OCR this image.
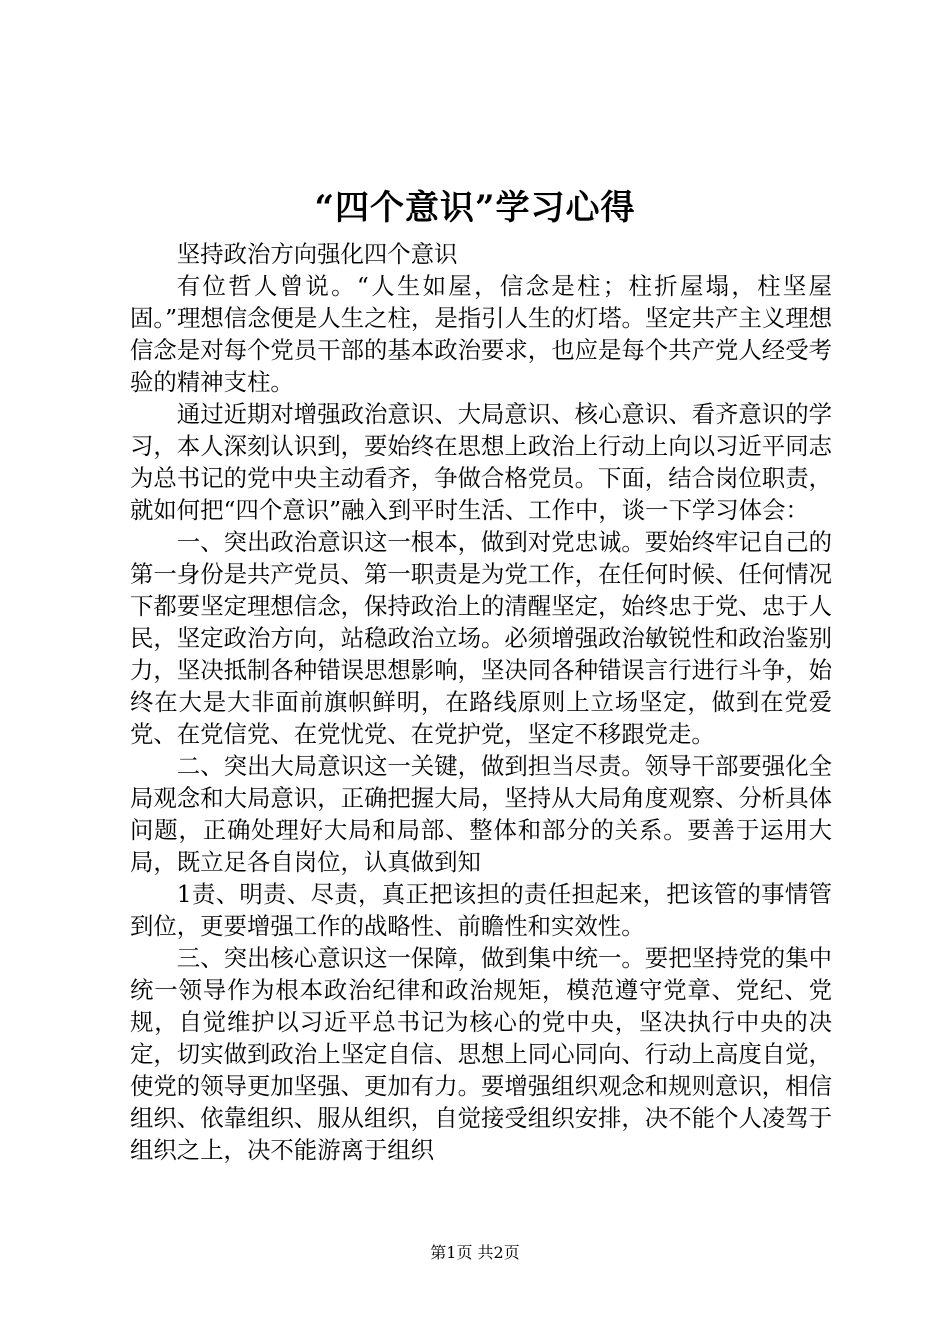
“四个意识”学习心得

坚持政治方向强化四个意识

有位哲人曾说。“人生如屋，信念是柱；柱折屋塌，柱坚屋固。”理想信念便是人生之柱，是指引人生的灯塔。坚定共产主义理想信念是对每个党员干部的基本政治要求，也应是每个共产党人经受考验的精神支柱。

通过近期对增强政治意识、大局意识、核心意识、看齐意识的学习，本人深刻认识到，要始终在思想上政治上行动上向以习近平同志为总书记的党中央主动看齐，争做合格党员。下面，结合岗位职责，就如何把“四个意识”融入到平时生活、工作中，谈一下学习体会：

一、突出政治意识这一根本，做到对党忠诚。要始终牢记自己的第一身份是共产党员、第一职责是为党工作，在任何时候、任何情况下都要坚定理想信念，保持政治上的清醒坚定，始终忠于党、忠于人民，坚定政治方向，站稳政治立场。必须增强政治敏锐性和政治鉴别力，坚决抵制各种错误思想影响，坚决同各种错误言行进行斗争，始终在大是大非面前旗帜鲜明，在路线原则上立场坚定，做到在党爱党、在党信党、在党忧党、在党护党，坚定不移跟党走。

二、突出大局意识这一关键，做到担当尽责。领导干部要强化全局观念和大局意识，正确把握大局，坚持从大局角度观察、分析具体问题，正确处理好大局和局部、整体和部分的关系。要善于运用大局，既立足各自岗位，认真做到知

1责、明责、尽责，真正把该担的责任担起来，把该管的事情管到位，更要增强工作的战略性、前瞻性和实效性。

三、突出核心意识这一保障，做到集中统一。要把坚持党的集中统一领导作为根本政治纪律和政治规矩，模范遵守党章、党纪、党规，自觉维护以习近平总书记为核心的党中央，坚决执行中央的决定，切实做到政治上坚定自信、思想上同心同向、行动上高度自觉，使党的领导更加坚强、更加有力。要增强组织观念和规则意识，相信组织、依靠组织、服从组织，自觉接受组织安排，决不能个人凌驾于组织之上，决不能游离于组织

第1页 共2页
